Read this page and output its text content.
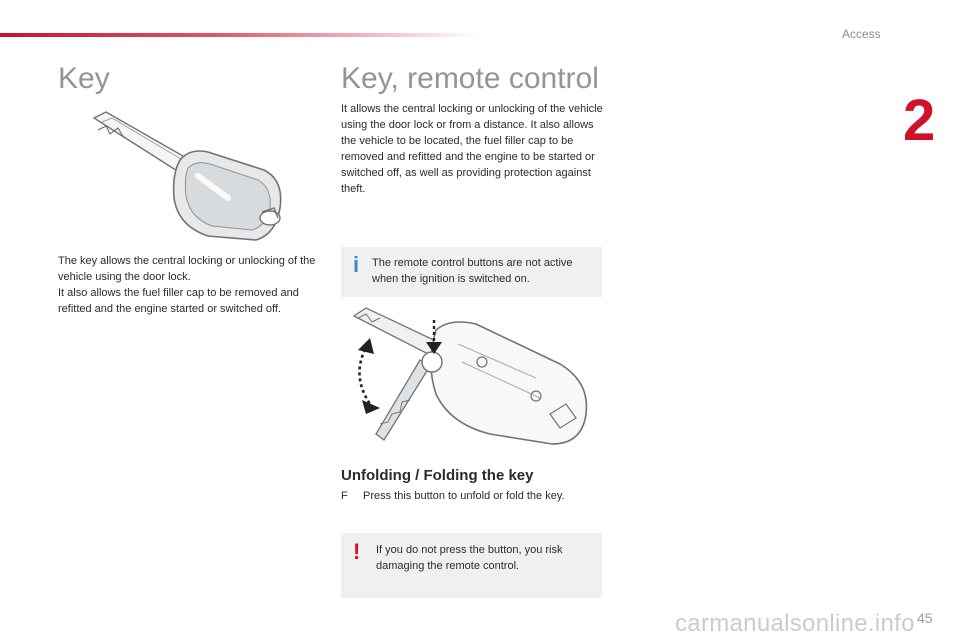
Access
2
Key

The key allows the central locking or unlocking of the vehicle using the door lock.

It also allows the fuel filler cap to be removed and refitted and the engine started or switched off.

Key, remote control
It allows the central locking or unlocking of the vehicle using the door lock or from a distance. It also allows the vehicle to be located, the fuel filler cap to be removed and refitted and the engine to be started or switched off, as well as providing protection against theft.
i The remote control buttons are not active when the ignition is switched on.
Unfolding / Folding the key
F Press this button to unfold or fold the key.
! If you do not press the button, you risk damaging the remote control.
carmanualsonline.info 45
